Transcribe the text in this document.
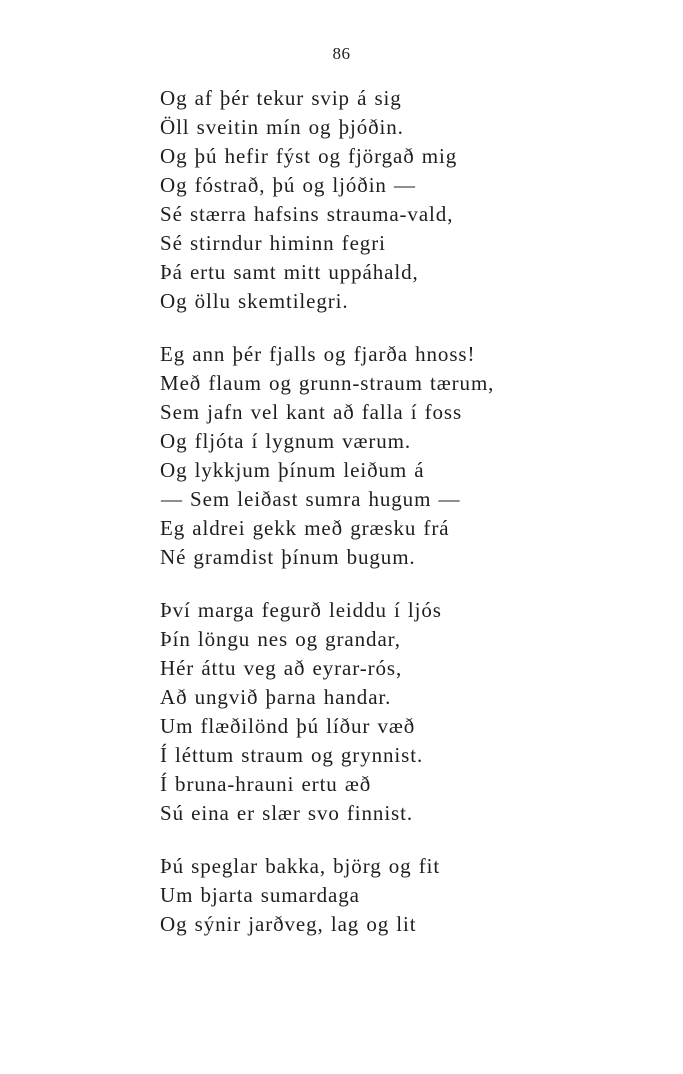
86
Og af þér tekur svip á sig
Öll sveitin mín og þjóðin.
Og þú hefir fýst og fjörgað mig
Og fóstrað, þú og ljóðin —
Sé stærra hafsins strauma-vald,
Sé stirndur himinn fegri
Þá ertu samt mitt uppáhald,
Og öllu skemtilegri.
Eg ann þér fjalls og fjarða hnoss!
Með flaum og grunn-straum tærum,
Sem jafn vel kant að falla í foss
Og fljóta í lygnum værum.
Og lykkjum þínum leiðum á
— Sem leiðast sumra hugum —
Eg aldrei gekk með græsku frá
Né gramdist þínum bugum.
Því marga fegurð leiddu í ljós
Þín löngu nes og grandar,
Hér áttu veg að eyrar-rós,
Að ungvið þarna handar.
Um flæðilönd þú líður væð
Í léttum straum og grynnist.
Í bruna-hrauni ertu æð
Sú eina er slær svo finnist.
Þú speglar bakka, björg og fit
Um bjarta sumardaga
Og sýnir jarðveg, lag og lit
